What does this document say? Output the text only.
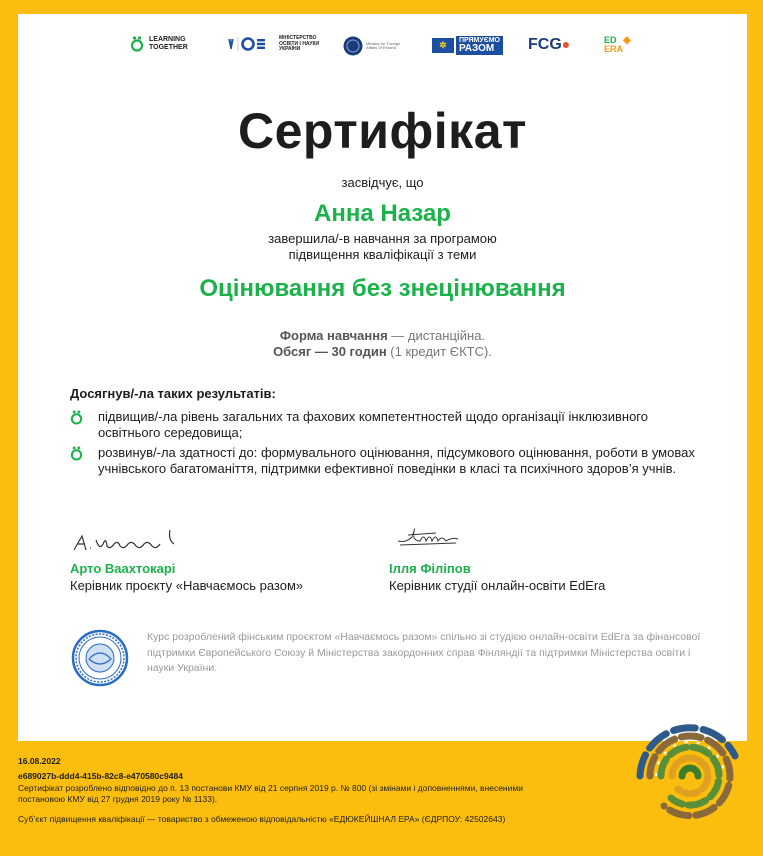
LEARNING
TOGETHER
МІНІСТЕРСТВО
ОСВІТИ І НАУКИ
УКРАЇНИ
Ministry for Foreign
Affairs of Finland	✲	ПРЯМУЄМО
РАЗОМ	FCG ●	ED
ERA
◆
Сертифікат
засвідчує, що
Анна Назар
завершила/-в навчання за програмою
підвищення кваліфікації з теми
Оцінювання без знецінювання
Форма навчання — дистанційна.
Обсяг — 30 годин (1 кредит ЄКТС).
Досягнув/-ла таких результатів:
підвищив/-ла рівень загальних та фахових компетентностей щодо організації інклюзивного освітнього середовища;
розвинув/-ла здатності до: формувального оцінювання, підсумкового оцінювання, роботи в умовах учнівського багатоманіття, підтримки ефективної поведінки в класі та психічного здоров’я учнів.
Арто Ваахтокарі
Керівник проєкту «Навчаємось разом»
Ілля Філіпов
Керівник студії онлайн-освіти EdEra
Курс розроблений фінським проєктом «Навчаємось разом» спільно зі студією онлайн-освіти EdEra за фінансової підтримки Європейського Союзу й Міністерства закордонних справ Фінляндії та підтримки Міністерства освіти і науки України.
16.08.2022
e689027b-ddd4-415b-82c8-e470580c9484
Сертифікат розроблено відповідно до п. 13 постанови КМУ від 21 серпня 2019 р. № 800 (зі змінами і доповненнями, внесеними постановою КМУ від 27 грудня 2019 року № 1133).
Суб’єкт підвищення кваліфікації — товариство з обмеженою відповідальністю «ЕДЮКЕЙШНАЛ ЕРА» (ЄДРПОУ: 42502643)
